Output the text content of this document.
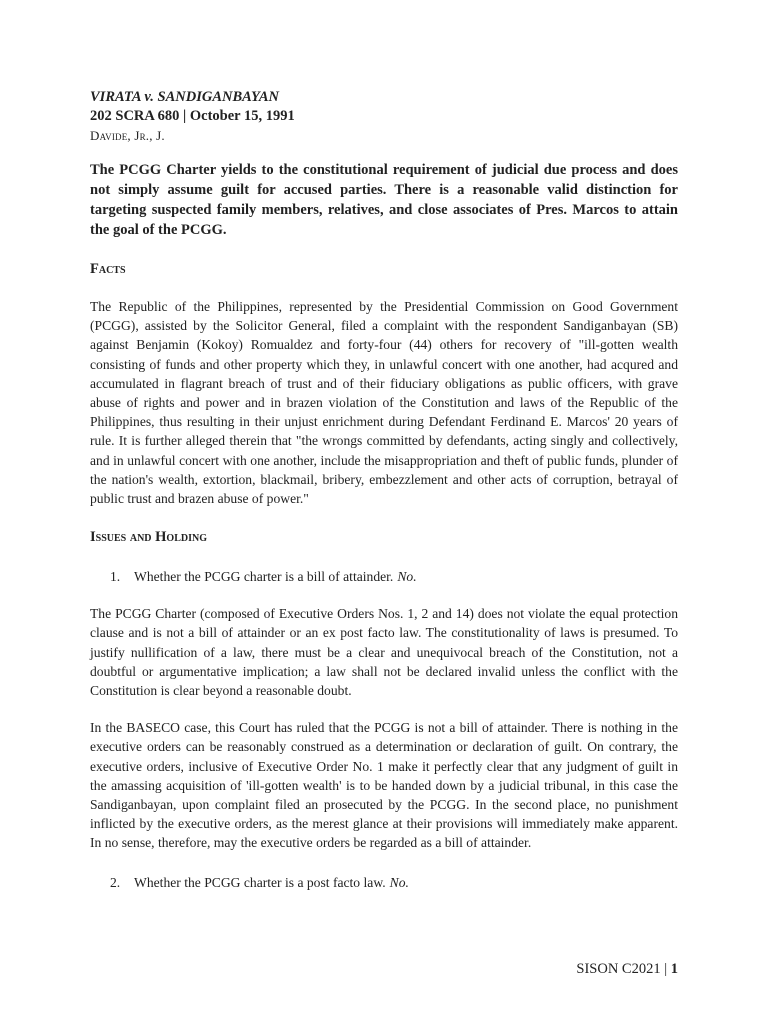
VIRATA v. SANDIGANBAYAN
202 SCRA 680 | October 15, 1991
Davide, Jr., J.
The PCGG Charter yields to the constitutional requirement of judicial due process and does not simply assume guilt for accused parties. There is a reasonable valid distinction for targeting suspected family members, relatives, and close associates of Pres. Marcos to attain the goal of the PCGG.
Facts
The Republic of the Philippines, represented by the Presidential Commission on Good Government (PCGG), assisted by the Solicitor General, filed a complaint with the respondent Sandiganbayan (SB) against Benjamin (Kokoy) Romualdez and forty-four (44) others for recovery of "ill-gotten wealth consisting of funds and other property which they, in unlawful concert with one another, had acqured and accumulated in flagrant breach of trust and of their fiduciary obligations as public officers, with grave abuse of rights and power and in brazen violation of the Constitution and laws of the Republic of the Philippines, thus resulting in their unjust enrichment during Defendant Ferdinand E. Marcos' 20 years of rule. It is further alleged therein that "the wrongs committed by defendants, acting singly and collectively, and in unlawful concert with one another, include the misappropriation and theft of public funds, plunder of the nation's wealth, extortion, blackmail, bribery, embezzlement and other acts of corruption, betrayal of public trust and brazen abuse of power."
Issues and Holding
1.	Whether the PCGG charter is a bill of attainder. No.
The PCGG Charter (composed of Executive Orders Nos. 1, 2 and 14) does not violate the equal protection clause and is not a bill of attainder or an ex post facto law. The constitutionality of laws is presumed. To justify nullification of a law, there must be a clear and unequivocal breach of the Constitution, not a doubtful or argumentative implication; a law shall not be declared invalid unless the conflict with the Constitution is clear beyond a reasonable doubt.
In the BASECO case, this Court has ruled that the PCGG is not a bill of attainder. There is nothing in the executive orders can be reasonably construed as a determination or declaration of guilt. On contrary, the executive orders, inclusive of Executive Order No. 1 make it perfectly clear that any judgment of guilt in the amassing acquisition of 'ill-gotten wealth' is to be handed down by a judicial tribunal, in this case the Sandiganbayan, upon complaint filed an prosecuted by the PCGG. In the second place, no punishment inflicted by the executive orders, as the merest glance at their provisions will immediately make apparent. In no sense, therefore, may the executive orders be regarded as a bill of attainder.
2.	Whether the PCGG charter is a post facto law. No.
SISON C2021 | 1
